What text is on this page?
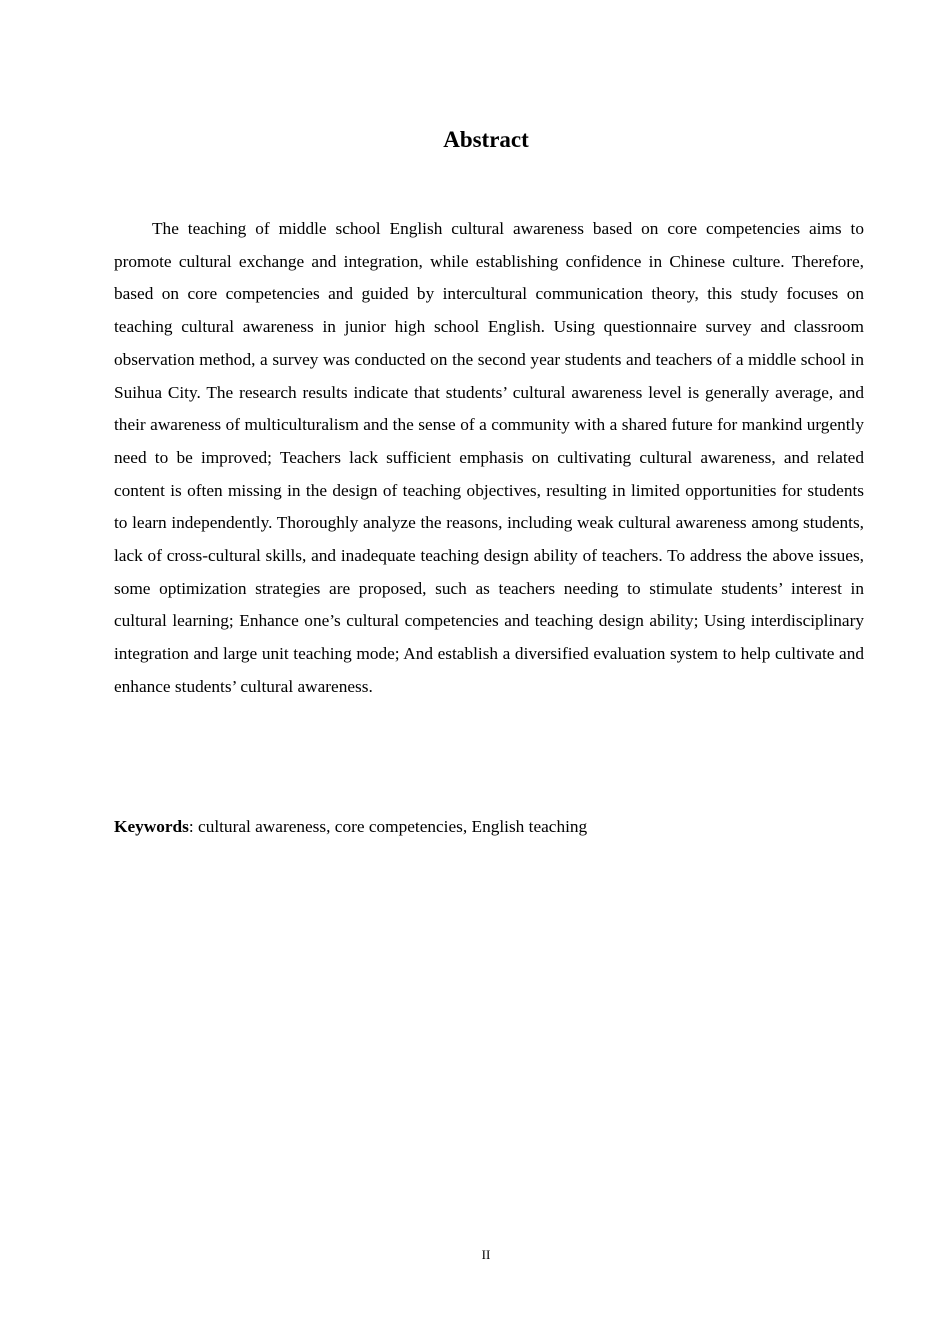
Abstract

The teaching of middle school English cultural awareness based on core competencies aims to promote cultural exchange and integration, while establishing confidence in Chinese culture. Therefore, based on core competencies and guided by intercultural communication theory, this study focuses on teaching cultural awareness in junior high school English. Using questionnaire survey and classroom observation method, a survey was conducted on the second year students and teachers of a middle school in Suihua City. The research results indicate that students’ cultural awareness level is generally average, and their awareness of multiculturalism and the sense of a community with a shared future for mankind urgently need to be improved; Teachers lack sufficient emphasis on cultivating cultural awareness, and related content is often missing in the design of teaching objectives, resulting in limited opportunities for students to learn independently. Thoroughly analyze the reasons, including weak cultural awareness among students, lack of cross-cultural skills, and inadequate teaching design ability of teachers. To address the above issues, some optimization strategies are proposed, such as teachers needing to stimulate students’ interest in cultural learning; Enhance one’s cultural competencies and teaching design ability; Using interdisciplinary integration and large unit teaching mode; And establish a diversified evaluation system to help cultivate and enhance students’ cultural awareness.

Keywords: cultural awareness, core competencies, English teaching

II
